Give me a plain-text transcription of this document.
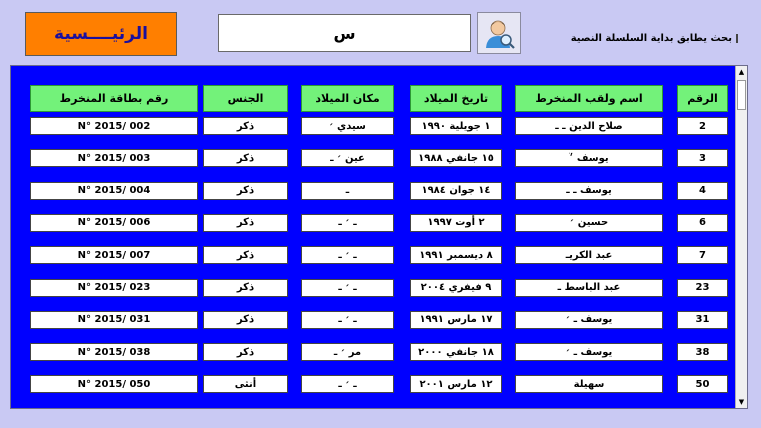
الرئيــــسية	س	بحث يطابق بداية السلسلة النصية
رقم بطاقة المنخرط	الجنس	مكان الميلاد	تاريخ الميلاد	اسم ولقب المنخرط	الرقم
N° 2015/ 002	ذكر	سيدي ׳	١ جويلية ١٩٩٠	صلاح الدين ـ ـ	2
N° 2015/ 003	ذكر	عين ׳ ـ	١٥ جانفي ١٩٨٨	يوسف ׳ׄ	3
N° 2015/ 004	ذكر	ـ	١٤ جوان ١٩٨٤	يوسف ـ ـ	4
N° 2015/ 006	ذكر	ـ ׳ ـ	٢ أوت ١٩٩٧	حسين ׳	6
N° 2015/ 007	ذكر	ـ ׳ ـ	٨ ديسمبر ١٩٩١	عبد الكريـ	7
N° 2015/ 023	ذكر	ـ ׳ ـ	٩ فيفري ٢٠٠٤	عبد الباسط ـ	23
N° 2015/ 031	ذكر	ـ ׳ ـ	١٧ مارس ١٩٩١	يوسف ـ ׳	31
N° 2015/ 038	ذكر	مر ׳ ـ	١٨ جانفي ٢٠٠٠	يوسف ـ ׳	38
N° 2015/ 050	أنثى	ـ ׳ ـ	١٢ مارس ٢٠٠١	سهيلة	50
▲
▼
